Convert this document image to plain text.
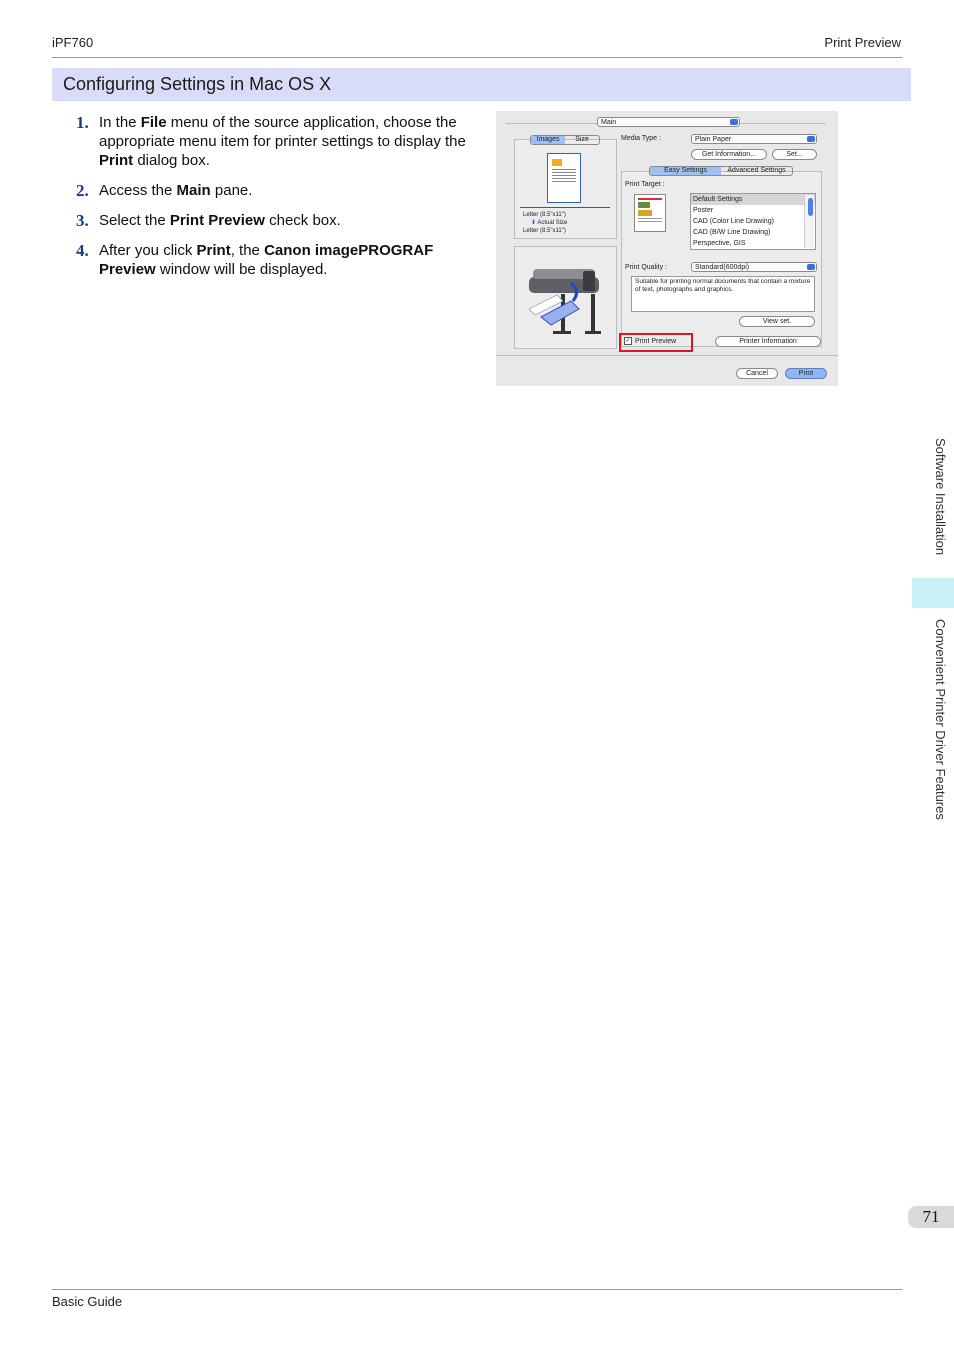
iPF760	Print Preview
Configuring Settings in Mac OS X
1. In the File menu of the source application, choose the appropriate menu item for printer settings to display the Print dialog box.
2. Access the Main pane.
3. Select the Print Preview check box.
4. After you click Print, the Canon imagePROGRAF Preview window will be displayed.
Main
Images	Size
Letter (8.5"x11")
⬇ Actual Size
Letter (8.5"x11")
Media Type :	Plain Paper
Get Information...	Set...
Easy Settings	Advanced Settings
Print Target :
Default Settings
Poster
CAD (Color Line Drawing)
CAD (B/W Line Drawing)
Perspective, GIS
Print Quality :	Standard(600dpi)
Suitable for printing normal documents that contain a mixture of text, photographs and graphics.
View set.
✓ Print Preview	Printer Information
Cancel	Print
Software Installation
Convenient Printer Driver Features
71
Basic Guide
